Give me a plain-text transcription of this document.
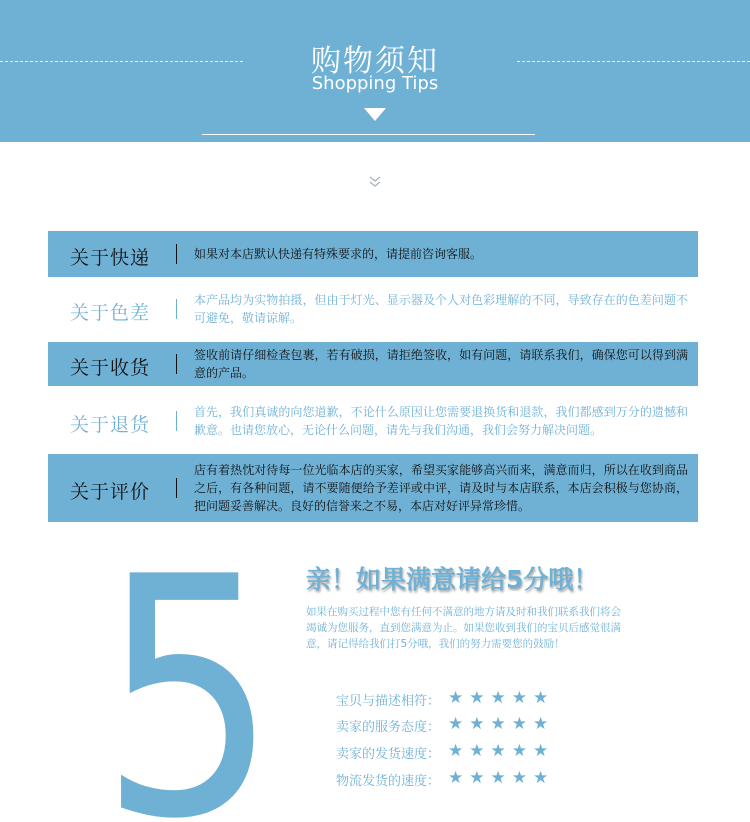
购物须知
Shopping Tips
关于快递	如果对本店默认快递有特殊要求的，请提前咨询客服。
关于色差
本产品均为实物拍摄，但由于灯光、显示器及个人对色彩理解的不同，导致存在的色差问题不可避免，敬请谅解。
关于收货
签收前请仔细检查包裹，若有破损，请拒绝签收，如有问题，请联系我们，确保您可以得到满意的产品。
关于退货
首先，我们真诚的向您道歉，不论什么原因让您需要退换货和退款，我们都感到万分的遗憾和歉意。也请您放心，无论什么问题，请先与我们沟通，我们会努力解决问题。
关于评价
店有着热忱对待每一位光临本店的买家，希望买家能够高兴而来，满意而归，所以在收到商品之后，有各种问题，请不要随便给予差评或中评，请及时与本店联系，本店会积极与您协商，把问题妥善解决。良好的信誉来之不易，本店对好评异常珍惜。
5 亲！如果满意请给5分哦！
如果在购买过程中您有任何不满意的地方请及时和我们联系我们将会竭诚为您服务，直到您满意为止。如果您收到我们的宝贝后感觉很满意，请记得给我们打5分哦，我们的努力需要您的鼓励！
宝贝与描述相符： ★★★★★
卖家的服务态度： ★★★★★
卖家的发货速度： ★★★★★
物流发货的速度： ★★★★★
